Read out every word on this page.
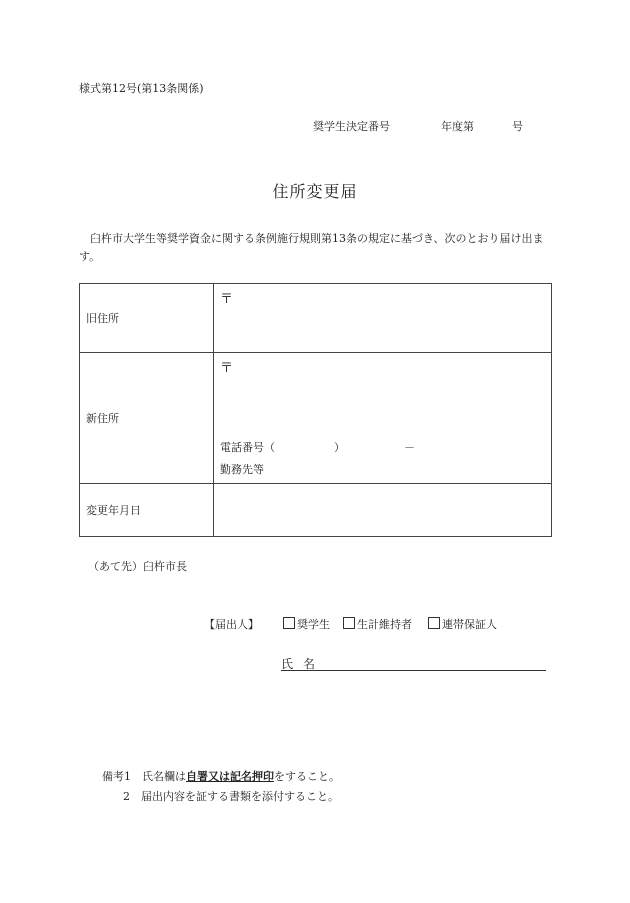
様式第12号(第13条関係)
奨学生決定番号	年度第	号
住所変更届
臼杵市大学生等奨学資金に関する条例施行規則第13条の規定に基づき、次のとおり届け出ます。
旧住所	〒

新住所	〒
電話番号（ ） －
勤務先等

変更年月日	
（あて先）臼杵市長
【届出人】	奨学生	生計維持者	連帯保証人
氏名
備考1　氏名欄は自署又は記名押印をすること。
2　届出内容を証する書類を添付すること。
